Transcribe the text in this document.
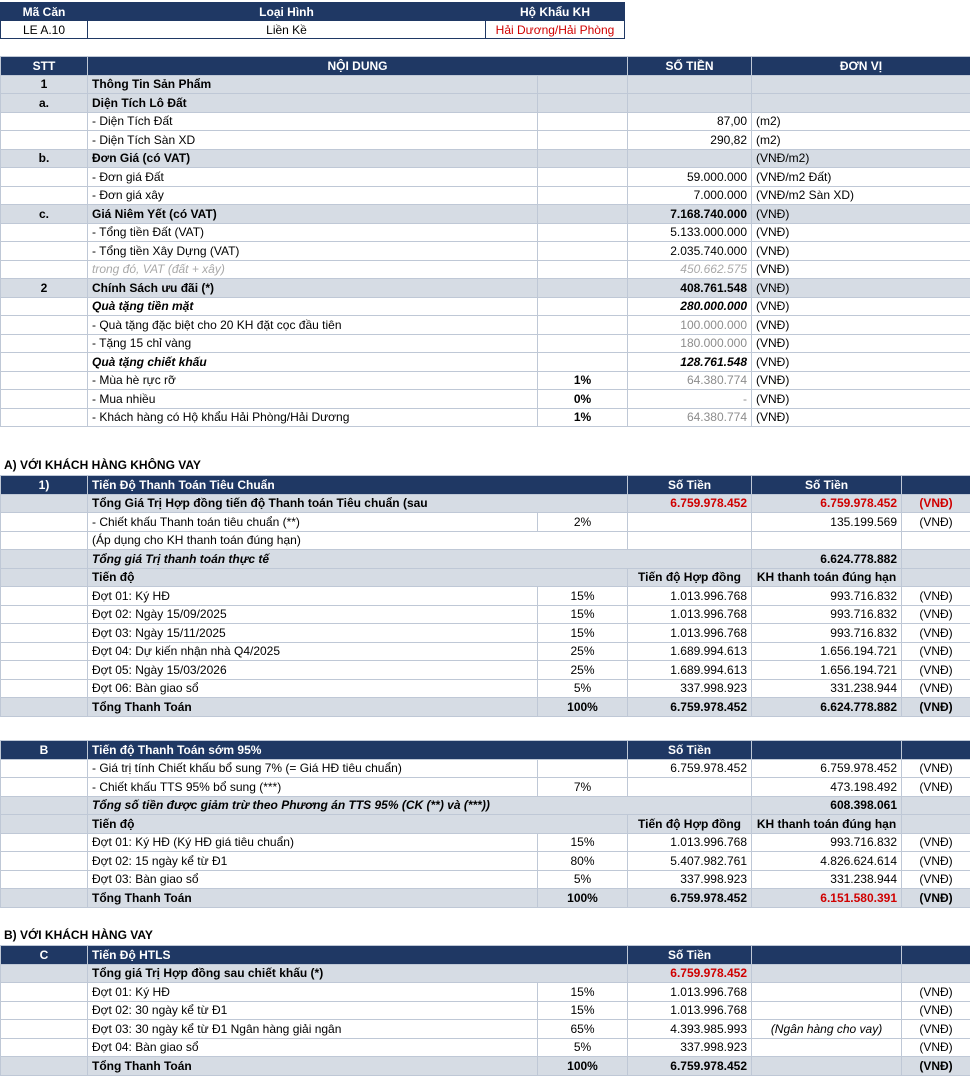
Mã Căn	Loại Hình	Hộ Khẩu KH
LE A.10	Liền Kề	Hải Dương/Hải Phòng
STT	NỘI DUNG		SỐ TIỀN	ĐƠN VỊ
1	Thông Tin Sản Phẩm			
a.	Diện Tích Lô Đất			
	- Diện Tích Đất		87,00	(m2)
	- Diện Tích Sàn XD		290,82	(m2)
b.	Đơn Giá (có VAT)			(VNĐ/m2)
	- Đơn giá Đất		59.000.000	(VNĐ/m2 Đất)
	- Đơn giá xây		7.000.000	(VNĐ/m2 Sàn XD)
c.	Giá Niêm Yết (có VAT)		7.168.740.000	(VNĐ)
	- Tổng tiền Đất (VAT)		5.133.000.000	(VNĐ)
	- Tổng tiền Xây Dựng (VAT)		2.035.740.000	(VNĐ)
	trong đó, VAT (đất + xây)		450.662.575	(VNĐ)
2	Chính Sách ưu đãi (*)		408.761.548	(VNĐ)
	Quà tặng tiền mặt		280.000.000	(VNĐ)
	- Quà tặng đặc biệt cho 20 KH đặt cọc đầu tiên		100.000.000	(VNĐ)
	- Tặng 15 chỉ vàng		180.000.000	(VNĐ)
	Quà tặng chiết khấu		128.761.548	(VNĐ)
	- Mùa hè rực rỡ	1%	64.380.774	(VNĐ)
	- Mua nhiều	0%	-	(VNĐ)
	- Khách hàng có Hộ khẩu Hải Phòng/Hải Dương	1%	64.380.774	(VNĐ)
A) VỚI KHÁCH HÀNG KHÔNG VAY
1)	Tiến Độ Thanh Toán Tiêu Chuẩn		Số Tiền	Số Tiền	
	Tổng Giá Trị Hợp đồng tiến độ Thanh toán Tiêu chuẩn (sau		6.759.978.452	6.759.978.452	(VNĐ)
	- Chiết khấu Thanh toán tiêu chuẩn (**)	2%		135.199.569	(VNĐ)
	(Áp dụng cho KH thanh toán đúng hạn)				
	Tổng giá Trị thanh toán thực tế			6.624.778.882	
	Tiến độ		Tiến độ Hợp đồng	KH thanh toán đúng hạn	
	Đợt 01: Ký HĐ	15%	1.013.996.768	993.716.832	(VNĐ)
	Đợt 02: Ngày 15/09/2025	15%	1.013.996.768	993.716.832	(VNĐ)
	Đợt 03: Ngày 15/11/2025	15%	1.013.996.768	993.716.832	(VNĐ)
	Đợt 04: Dự kiến nhận nhà Q4/2025	25%	1.689.994.613	1.656.194.721	(VNĐ)
	Đợt 05: Ngày 15/03/2026	25%	1.689.994.613	1.656.194.721	(VNĐ)
	Đợt 06: Bàn giao sổ	5%	337.998.923	331.238.944	(VNĐ)
	Tổng Thanh Toán	100%	6.759.978.452	6.624.778.882	(VNĐ)
B	Tiến độ Thanh Toán sớm 95%		Số Tiền		
	- Giá trị tính Chiết khấu bổ sung 7% (= Giá HĐ tiêu chuẩn)		6.759.978.452	6.759.978.452	(VNĐ)
	- Chiết khấu TTS 95% bổ sung (***)	7%		473.198.492	(VNĐ)
	Tổng số tiền được giảm trừ theo Phương án TTS 95% (CK (**) và (***))			608.398.061	
	Tiến độ		Tiến độ Hợp đồng	KH thanh toán đúng hạn	
	Đợt 01: Ký HĐ (Ký HĐ giá tiêu chuẩn)	15%	1.013.996.768	993.716.832	(VNĐ)
	Đợt 02: 15 ngày kể từ Đ1	80%	5.407.982.761	4.826.624.614	(VNĐ)
	Đợt 03: Bàn giao sổ	5%	337.998.923	331.238.944	(VNĐ)
	Tổng Thanh Toán	100%	6.759.978.452	6.151.580.391	(VNĐ)
B) VỚI KHÁCH HÀNG VAY
C	Tiến Độ HTLS		Số Tiền		
	Tổng giá Trị Hợp đồng sau chiết khấu (*)		6.759.978.452		
	Đợt 01: Ký HĐ	15%	1.013.996.768		(VNĐ)
	Đợt 02: 30 ngày kể từ Đ1	15%	1.013.996.768		(VNĐ)
	Đợt 03: 30 ngày kể từ Đ1 Ngân hàng giải ngân	65%	4.393.985.993	(Ngân hàng cho vay)	(VNĐ)
	Đợt 04: Bàn giao sổ	5%	337.998.923		(VNĐ)
	Tổng Thanh Toán	100%	6.759.978.452		(VNĐ)
